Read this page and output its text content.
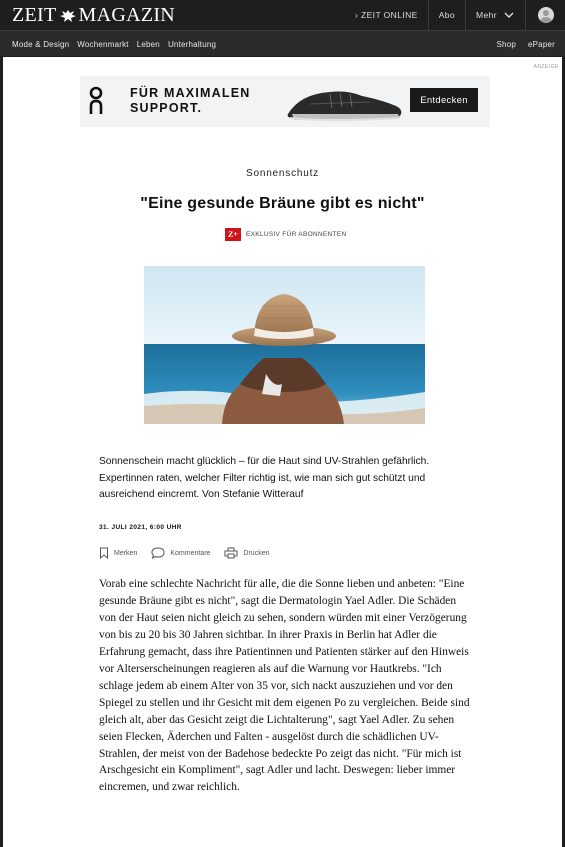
ZEIT MAGAZIN	› ZEIT ONLINE	Abo	Mehr
Mode & Design Wochenmarkt Leben Unterhaltung	Shop ePaper
ANZEIGE
FÜR MAXIMALEN
SUPPORT.
Entdecken
Sonnenschutz
"Eine gesunde Bräune gibt es nicht"
Z+	EXKLUSIV FÜR ABONNENTEN

Sonnenschein macht glücklich – für die Haut sind UV-Strahlen gefährlich. Expertinnen raten, welcher Filter richtig ist, wie man sich gut schützt und ausreichend eincremt. Von Stefanie Witterauf

31. JULI 2021, 6:00 UHR
Merken	Kommentare	Drucken

Vorab eine schlechte Nachricht für alle, die die Sonne lieben und anbeten: "Eine gesunde Bräune gibt es nicht", sagt die Dermatologin Yael Adler. Die Schäden von der Haut seien nicht gleich zu sehen, sondern würden mit einer Verzögerung von bis zu 20 bis 30 Jahren sichtbar. In ihrer Praxis in Berlin hat Adler die Erfahrung gemacht, dass ihre Patientinnen und Patienten stärker auf den Hinweis vor Alterserscheinungen reagieren als auf die Warnung vor Hautkrebs. "Ich schlage jedem ab einem Alter von 35 vor, sich nackt auszuziehen und vor den Spiegel zu stellen und ihr Gesicht mit dem eigenen Po zu vergleichen. Beide sind gleich alt, aber das Gesicht zeigt die Lichtalterung", sagt Yael Adler. Zu sehen seien Flecken, Äderchen und Falten - ausgelöst durch die schädlichen UV-Strahlen, der meist von der Badehose bedeckte Po zeigt das nicht. "Für mich ist Arschgesicht ein Kompliment", sagt Adler und lacht. Deswegen: lieber immer eincremen, und zwar reichlich.
